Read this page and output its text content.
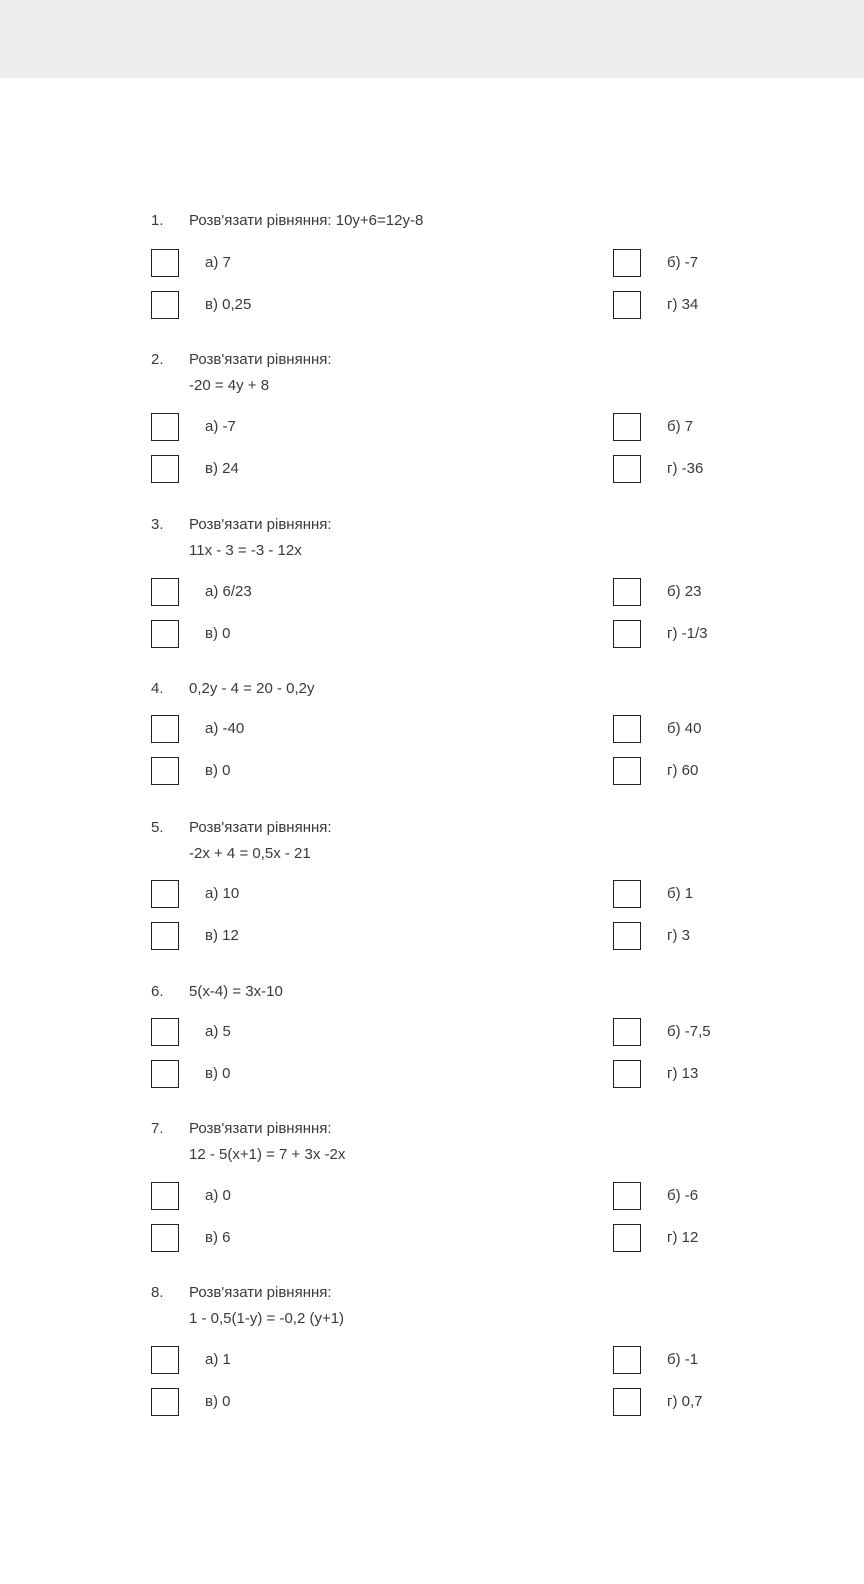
1. Розв'язати рівняння: 10y+6=12y-8
а) 7	б) -7
в) 0,25	г) 34
2. Розв'язати рівняння:
-20 = 4y + 8
а) -7	б) 7
в) 24	г) -36
3. Розв'язати рівняння:
11x - 3 = -3 - 12x
а) 6/23	б) 23
в) 0	г) -1/3
4. 0,2y - 4 = 20 - 0,2y
а) -40	б) 40
в) 0	г) 60
5. Розв'язати рівняння:
-2x + 4 = 0,5x - 21
а) 10	б) 1
в) 12	г) 3
6. 5(x-4) = 3x-10
а) 5	б) -7,5
в) 0	г) 13
7. Розв'язати рівняння:
12 - 5(x+1) = 7 + 3x -2x
а) 0	б) -6
в) 6	г) 12
8. Розв'язати рівняння:
1 - 0,5(1-y) = -0,2 (y+1)
а) 1	б) -1
в) 0	г) 0,7
